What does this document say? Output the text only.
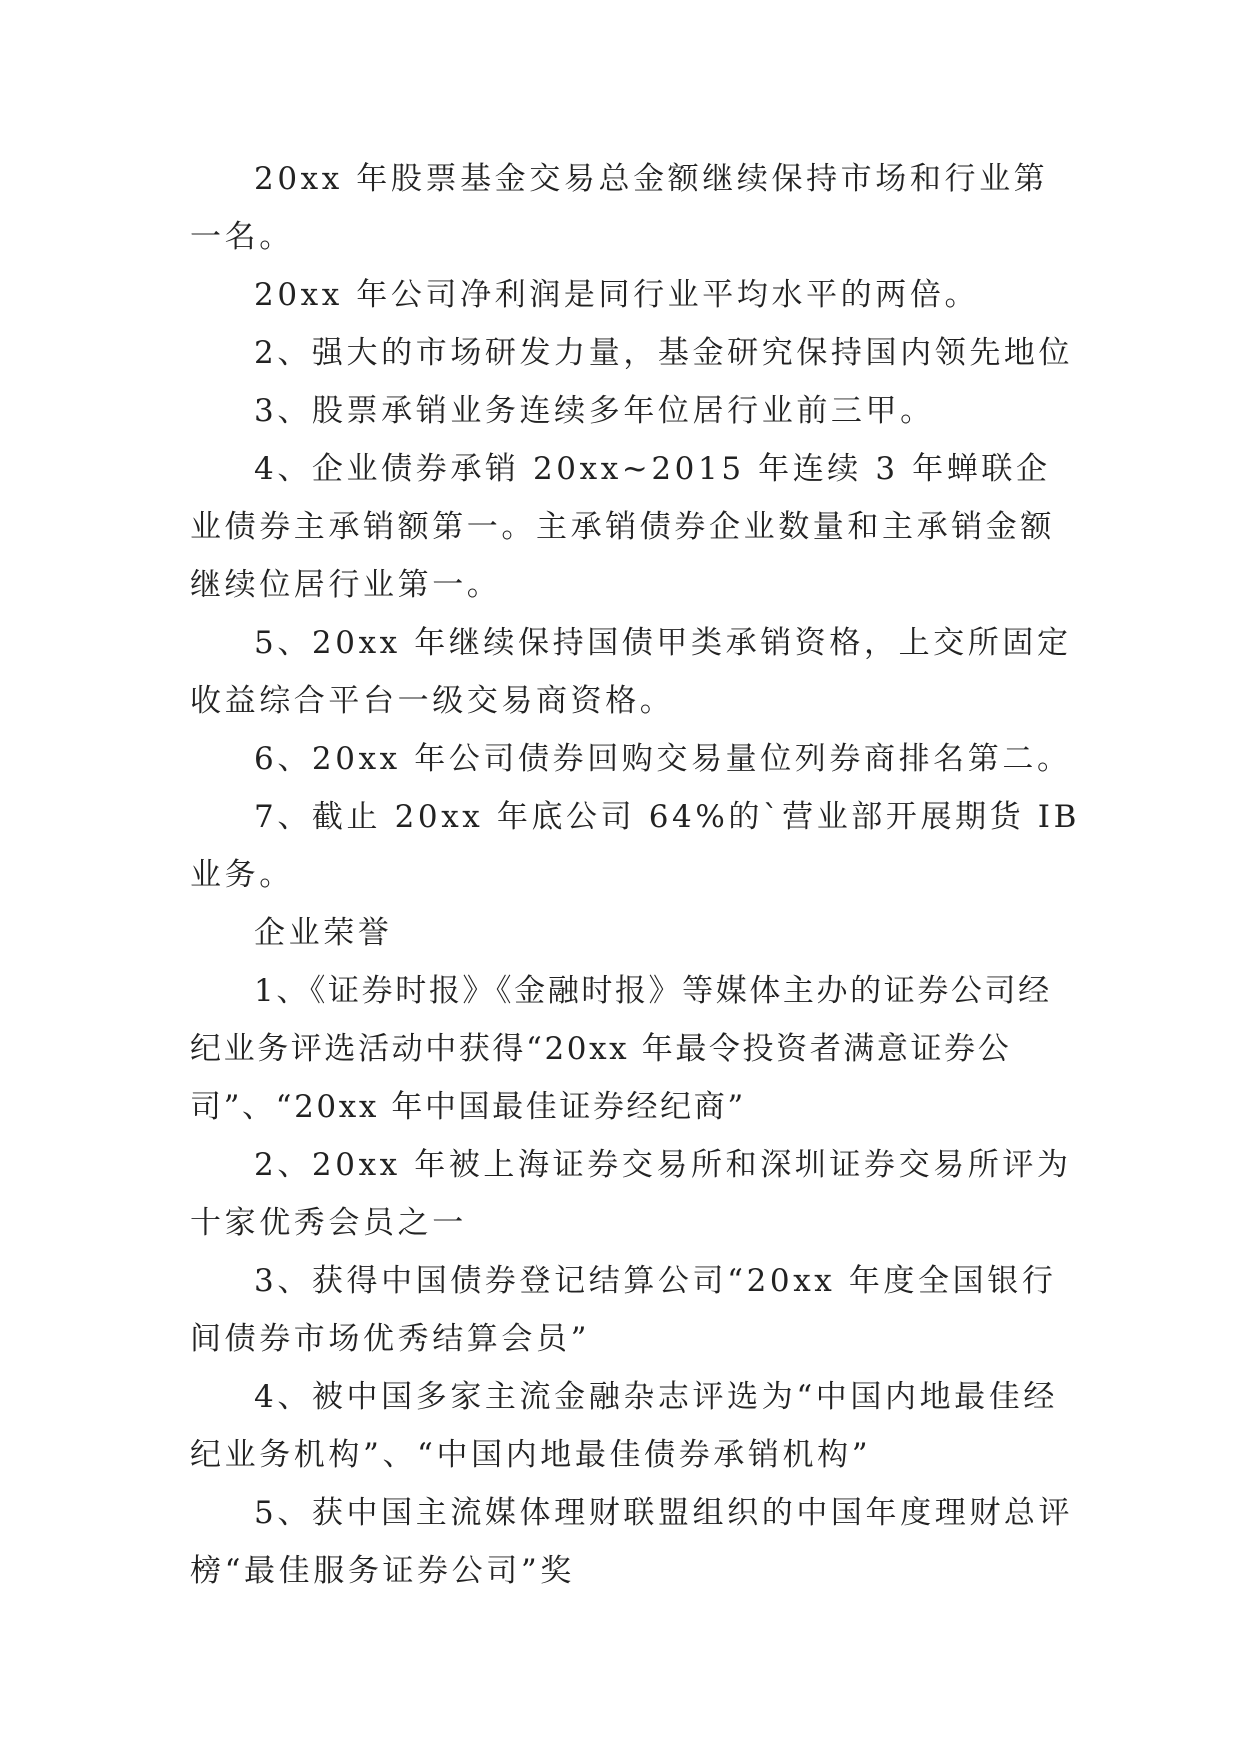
20xx 年股票基金交易总金额继续保持市场和行业第一名。

20xx 年公司净利润是同行业平均水平的两倍。

2、强大的市场研发力量，基金研究保持国内领先地位

3、股票承销业务连续多年位居行业前三甲。

4、企业债券承销 20xx~2015 年连续 3 年蝉联企业债券主承销额第一。主承销债券企业数量和主承销金额继续位居行业第一。

5、20xx 年继续保持国债甲类承销资格，上交所固定收益综合平台一级交易商资格。

6、20xx 年公司债券回购交易量位列券商排名第二。

7、截止 20xx 年底公司 64%的`营业部开展期货 IB 业务。

企业荣誉

1、《证券时报》《金融时报》等媒体主办的证券公司经纪业务评选活动中获得“20xx 年最令投资者满意证券公司”、“20xx 年中国最佳证券经纪商”

2、20xx 年被上海证券交易所和深圳证券交易所评为十家优秀会员之一

3、获得中国债券登记结算公司“20xx 年度全国银行间债券市场优秀结算会员”

4、被中国多家主流金融杂志评选为“中国内地最佳经纪业务机构”、“中国内地最佳债券承销机构”

5、获中国主流媒体理财联盟组织的中国年度理财总评榜“最佳服务证券公司”奖
